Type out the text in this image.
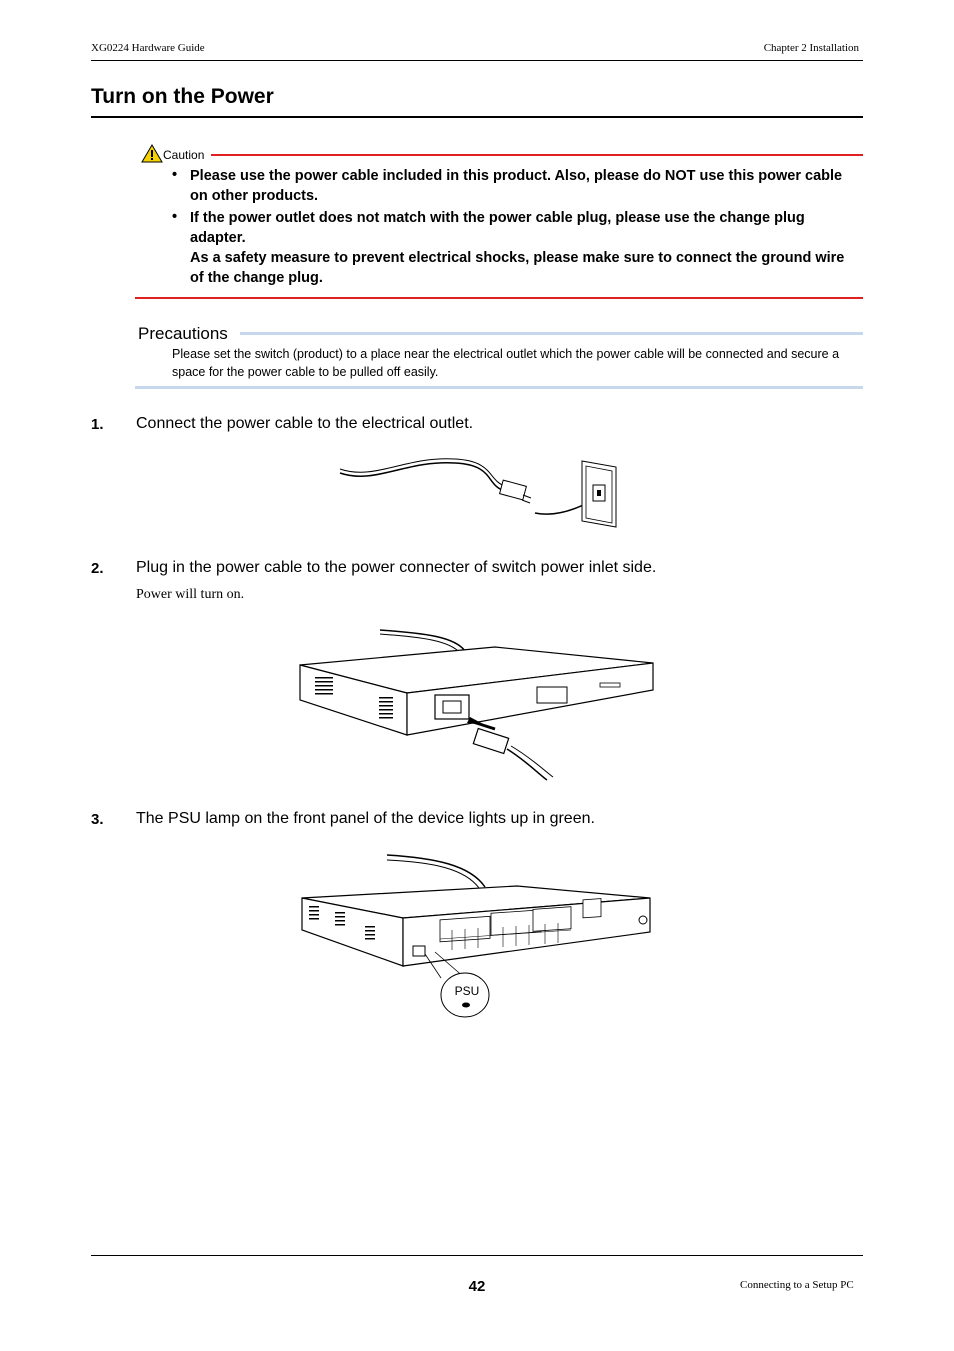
XG0224 Hardware Guide	Chapter 2 Installation
Turn on the Power
Caution
• Please use the power cable included in this product. Also, please do NOT use this power cable on other products.
• If the power outlet does not match with the power cable plug, please use the change plug adapter.
As a safety measure to prevent electrical shocks, please make sure to connect the ground wire of the change plug.
Precautions
Please set the switch (product) to a place near the electrical outlet which the power cable will be connected and secure a space for the power cable to be pulled off easily.
1. Connect the power cable to the electrical outlet.
2. Plug in the power cable to the power connecter of switch power inlet side.
Power will turn on.
3. The PSU lamp on the front panel of the device lights up in green.
PSU
42	Connecting to a Setup PC
